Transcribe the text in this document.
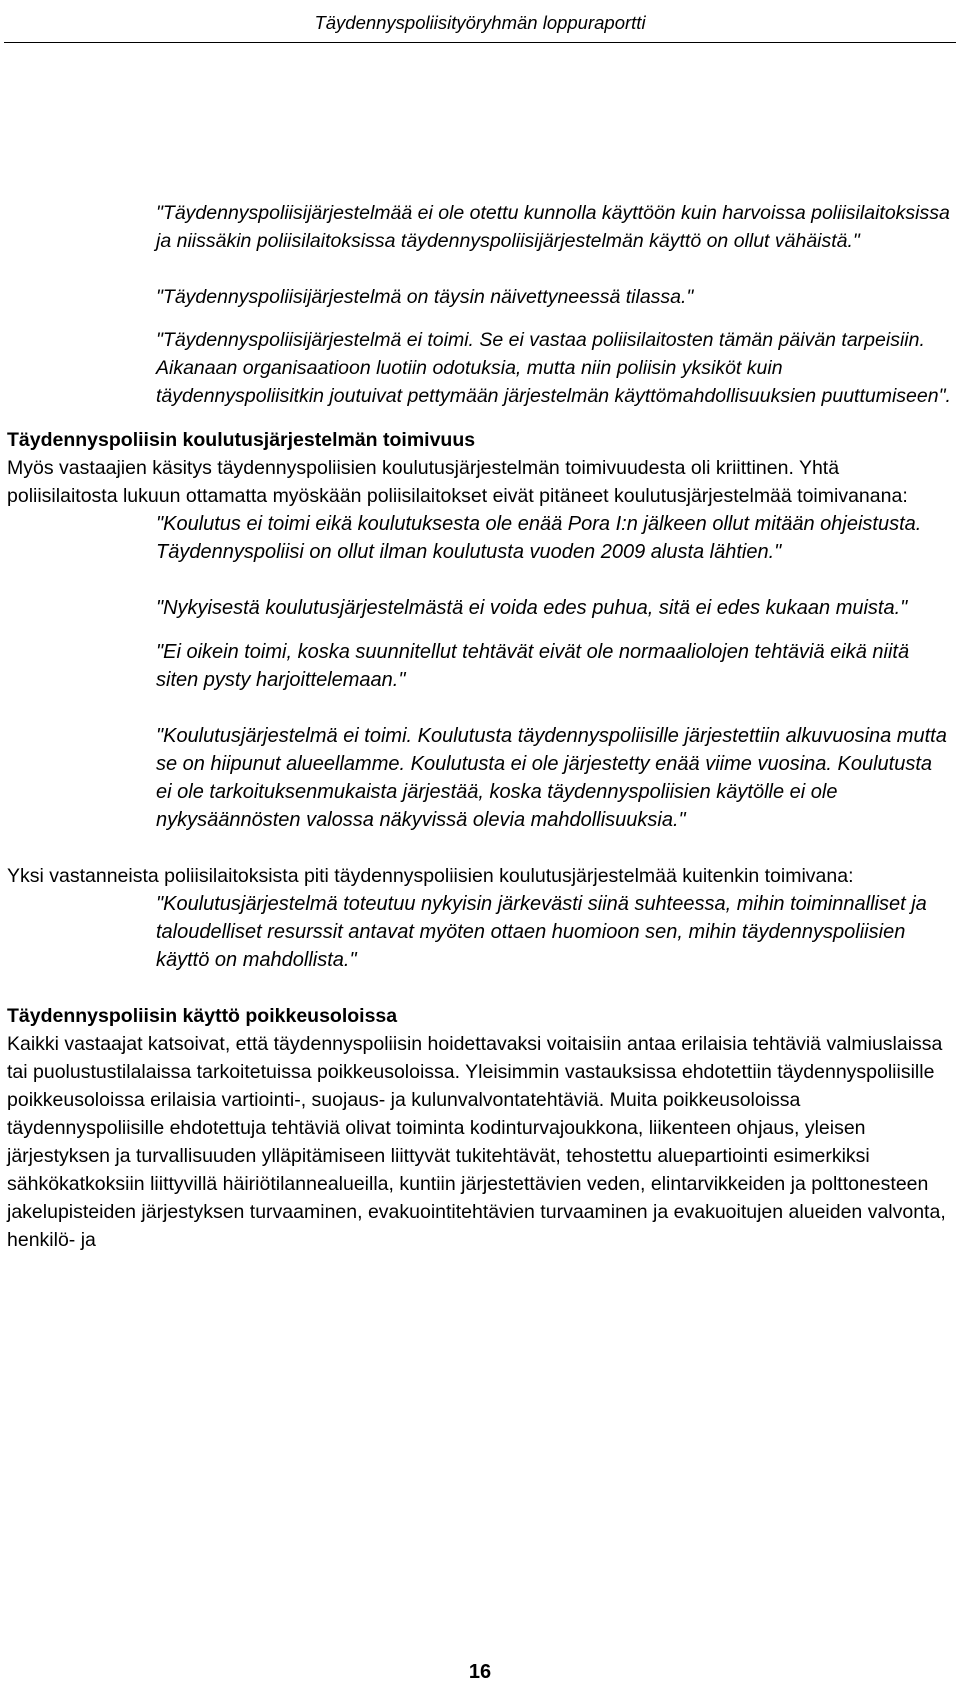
Täydennyspoliisityöryhmän loppuraportti

"Täydennyspoliisijärjestelmää ei ole otettu kunnolla käyttöön kuin harvoissa poliisilaitoksissa ja niissäkin poliisilaitoksissa täydennyspoliisijärjestelmän käyttö on ollut vähäistä."

"Täydennyspoliisijärjestelmä on täysin näivettyneessä tilassa."

"Täydennyspoliisijärjestelmä ei toimi. Se ei vastaa poliisilaitosten tämän päivän tarpeisiin. Aikanaan organisaatioon luotiin odotuksia, mutta niin poliisin yksiköt kuin täydennyspoliisitkin joutuivat pettymään järjestelmän käyttömahdollisuuksien puuttumiseen".

Täydennyspoliisin koulutusjärjestelmän toimivuus

Myös vastaajien käsitys täydennyspoliisien koulutusjärjestelmän toimivuudesta oli kriittinen. Yhtä poliisilaitosta lukuun ottamatta myöskään poliisilaitokset eivät pitäneet koulutusjärjestelmää toimivanana:

"Koulutus ei toimi eikä koulutuksesta ole enää Pora I:n jälkeen ollut mitään ohjeistusta. Täydennyspoliisi on ollut ilman koulutusta vuoden 2009 alusta lähtien."

"Nykyisestä koulutusjärjestelmästä ei voida edes puhua, sitä ei edes kukaan muista."

"Ei oikein toimi, koska suunnitellut tehtävät eivät ole normaaliolojen tehtäviä eikä niitä siten pysty harjoittelemaan."

"Koulutusjärjestelmä ei toimi. Koulutusta täydennyspoliisille järjestettiin alkuvuosina mutta se on hiipunut alueellamme. Koulutusta ei ole järjestetty enää viime vuosina. Koulutusta ei ole tarkoituksenmukaista järjestää, koska täydennyspoliisien käytölle ei ole nykysäännösten valossa näkyvissä olevia mahdollisuuksia."

Yksi vastanneista poliisilaitoksista piti täydennyspoliisien koulutusjärjestelmää kuitenkin toimivana:

"Koulutusjärjestelmä toteutuu nykyisin järkevästi siinä suhteessa, mihin toiminnalliset ja taloudelliset resurssit antavat myöten ottaen huomioon sen, mihin täydennyspoliisien käyttö on mahdollista."

Täydennyspoliisin käyttö poikkeusoloissa

Kaikki vastaajat katsoivat, että täydennyspoliisin hoidettavaksi voitaisiin antaa erilaisia tehtäviä valmiuslaissa tai puolustustilalaissa tarkoitetuissa poikkeusoloissa. Yleisimmin vastauksissa ehdotettiin täydennyspoliisille poikkeusoloissa erilaisia vartiointi-, suojaus- ja kulunvalvontatehtäviä. Muita poikkeusoloissa täydennyspoliisille ehdotettuja tehtäviä olivat toiminta kodinturvajoukkona, liikenteen ohjaus, yleisen järjestyksen ja turvallisuuden ylläpitämiseen liittyvät tukitehtävät, tehostettu aluepartiointi esimerkiksi sähkökatkoksiin liittyvillä häiriötilannealueilla, kuntiin järjestettävien veden, elintarvikkeiden ja polttonesteen jakelupisteiden järjestyksen turvaaminen, evakuointitehtävien turvaaminen ja evakuoitujen alueiden valvonta, henkilö- ja

16
